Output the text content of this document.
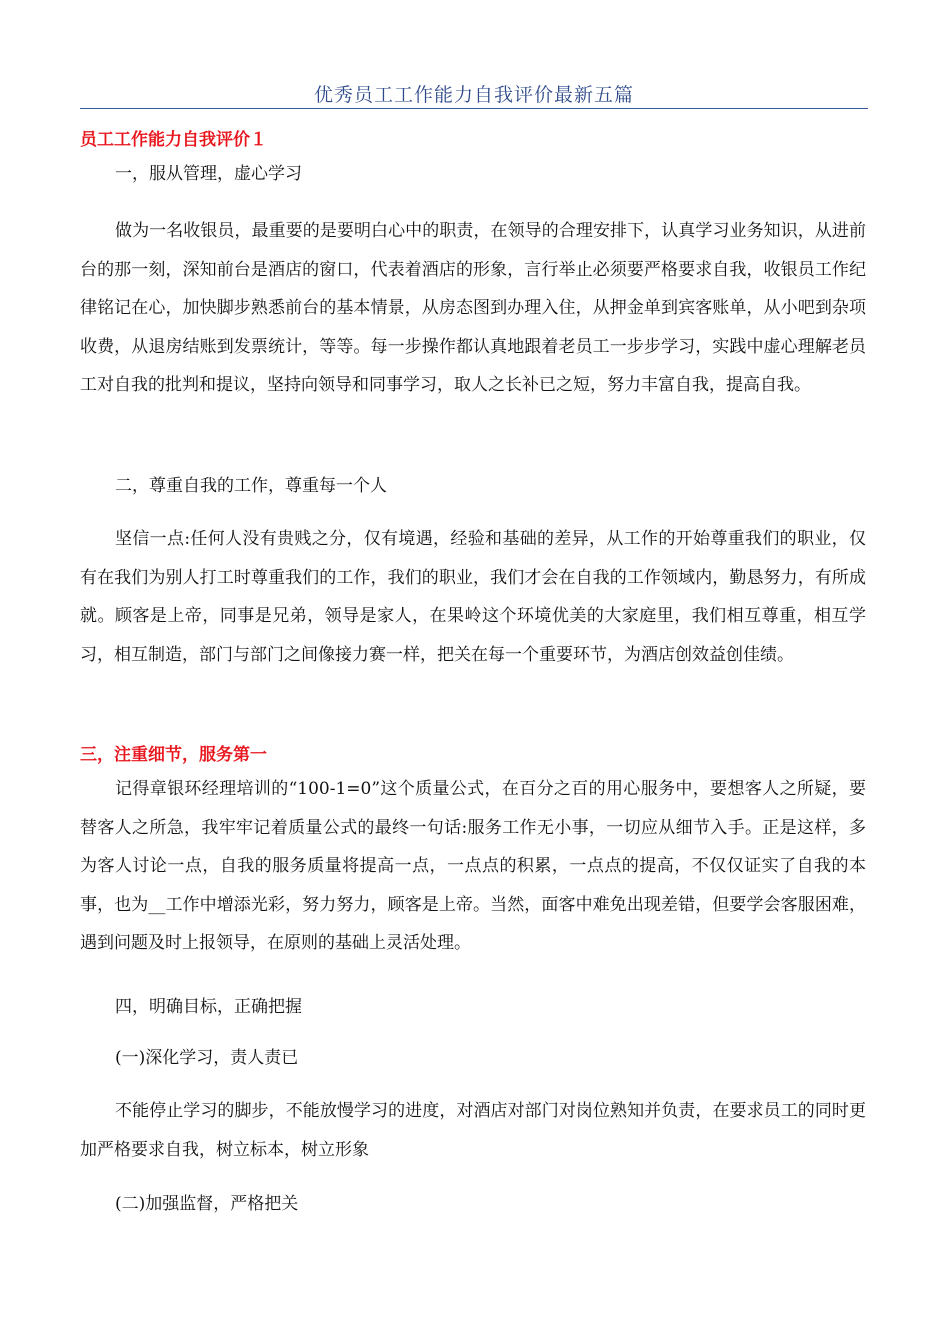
优秀员工工作能力自我评价最新五篇
员工工作能力自我评价１
一，服从管理，虚心学习

做为一名收银员，最重要的是要明白心中的职责，在领导的合理安排下，认真学习业务知识，从进前台的那一刻，深知前台是酒店的窗口，代表着酒店的形象，言行举止必须要严格要求自我，收银员工作纪律铭记在心，加快脚步熟悉前台的基本情景，从房态图到办理入住，从押金单到宾客账单，从小吧到杂项收费，从退房结账到发票统计，等等。每一步操作都认真地跟着老员工一步步学习，实践中虚心理解老员工对自我的批判和提议，坚持向领导和同事学习，取人之长补已之短，努力丰富自我，提高自我。

二，尊重自我的工作，尊重每一个人

坚信一点:任何人没有贵贱之分，仅有境遇，经验和基础的差异，从工作的开始尊重我们的职业，仅有在我们为别人打工时尊重我们的工作，我们的职业，我们才会在自我的工作领域内，勤恳努力，有所成就。顾客是上帝，同事是兄弟，领导是家人，在果岭这个环境优美的大家庭里，我们相互尊重，相互学习，相互制造，部门与部门之间像接力赛一样，把关在每一个重要环节，为酒店创效益创佳绩。

三，注重细节，服务第一

记得章银环经理培训的“100-1=0”这个质量公式，在百分之百的用心服务中，要想客人之所疑，要替客人之所急，我牢牢记着质量公式的最终一句话:服务工作无小事，一切应从细节入手。正是这样，多为客人讨论一点，自我的服务质量将提高一点，一点点的积累，一点点的提高，不仅仅证实了自我的本事，也为__工作中增添光彩，努力努力，顾客是上帝。当然，面客中难免出现差错，但要学会客服困难，遇到问题及时上报领导，在原则的基础上灵活处理。

四，明确目标，正确把握
(一)深化学习，责人责已

不能停止学习的脚步，不能放慢学习的进度，对酒店对部门对岗位熟知并负责，在要求员工的同时更加严格要求自我，树立标本，树立形象

(二)加强监督，严格把关
